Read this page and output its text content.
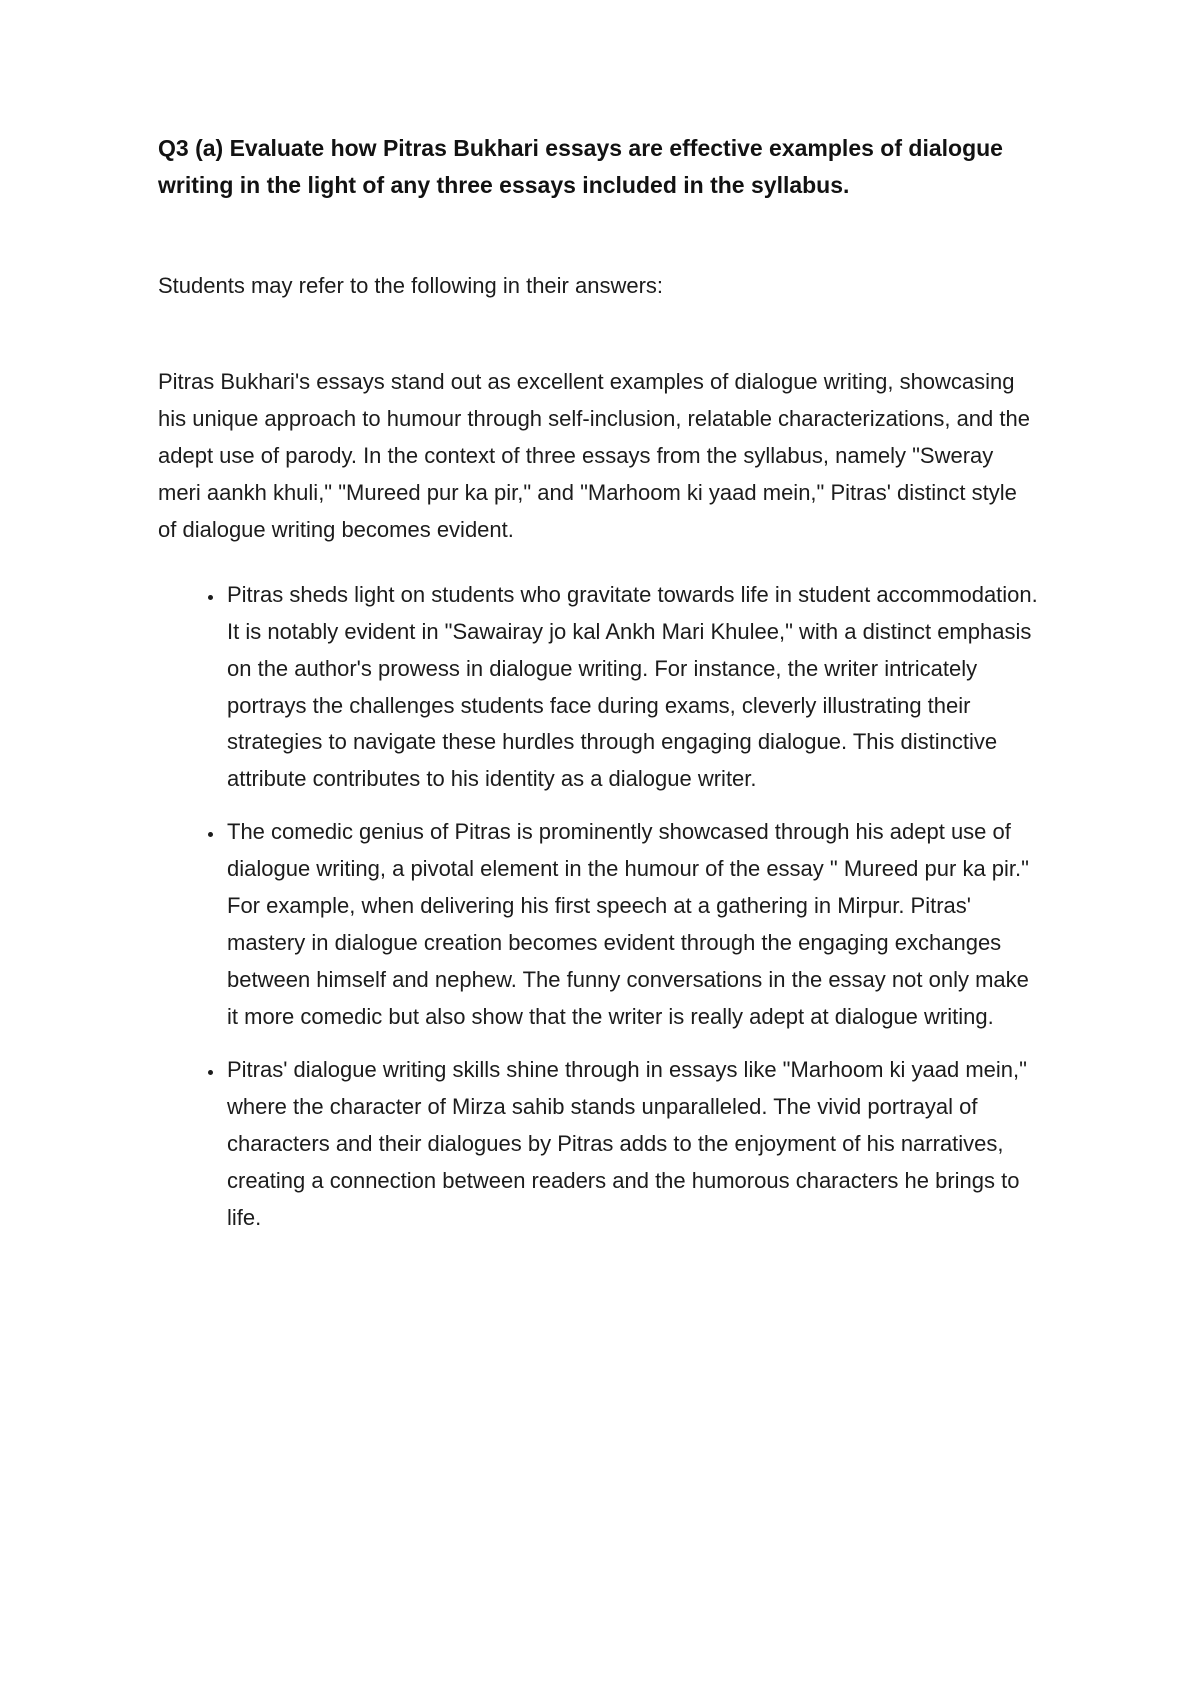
Q3 (a) Evaluate how Pitras Bukhari essays are effective examples of dialogue writing in the light of any three essays included in the syllabus.

Students may refer to the following in their answers:

Pitras Bukhari's essays stand out as excellent examples of dialogue writing, showcasing his unique approach to humour through self-inclusion, relatable characterizations, and the adept use of parody. In the context of three essays from the syllabus, namely "Sweray meri aankh khuli," "Mureed pur ka pir," and "Marhoom ki yaad mein," Pitras' distinct style of dialogue writing becomes evident.

• Pitras sheds light on students who gravitate towards life in student accommodation. It is notably evident in "Sawairay jo kal Ankh Mari Khulee," with a distinct emphasis on the author's prowess in dialogue writing. For instance, the writer intricately portrays the challenges students face during exams, cleverly illustrating their strategies to navigate these hurdles through engaging dialogue. This distinctive attribute contributes to his identity as a dialogue writer.
• The comedic genius of Pitras is prominently showcased through his adept use of dialogue writing, a pivotal element in the humour of the essay " Mureed pur ka pir." For example, when delivering his first speech at a gathering in Mirpur. Pitras' mastery in dialogue creation becomes evident through the engaging exchanges between himself and nephew. The funny conversations in the essay not only make it more comedic but also show that the writer is really adept at dialogue writing.
• Pitras' dialogue writing skills shine through in essays like "Marhoom ki yaad mein," where the character of Mirza sahib stands unparalleled. The vivid portrayal of characters and their dialogues by Pitras adds to the enjoyment of his narratives, creating a connection between readers and the humorous characters he brings to life.
